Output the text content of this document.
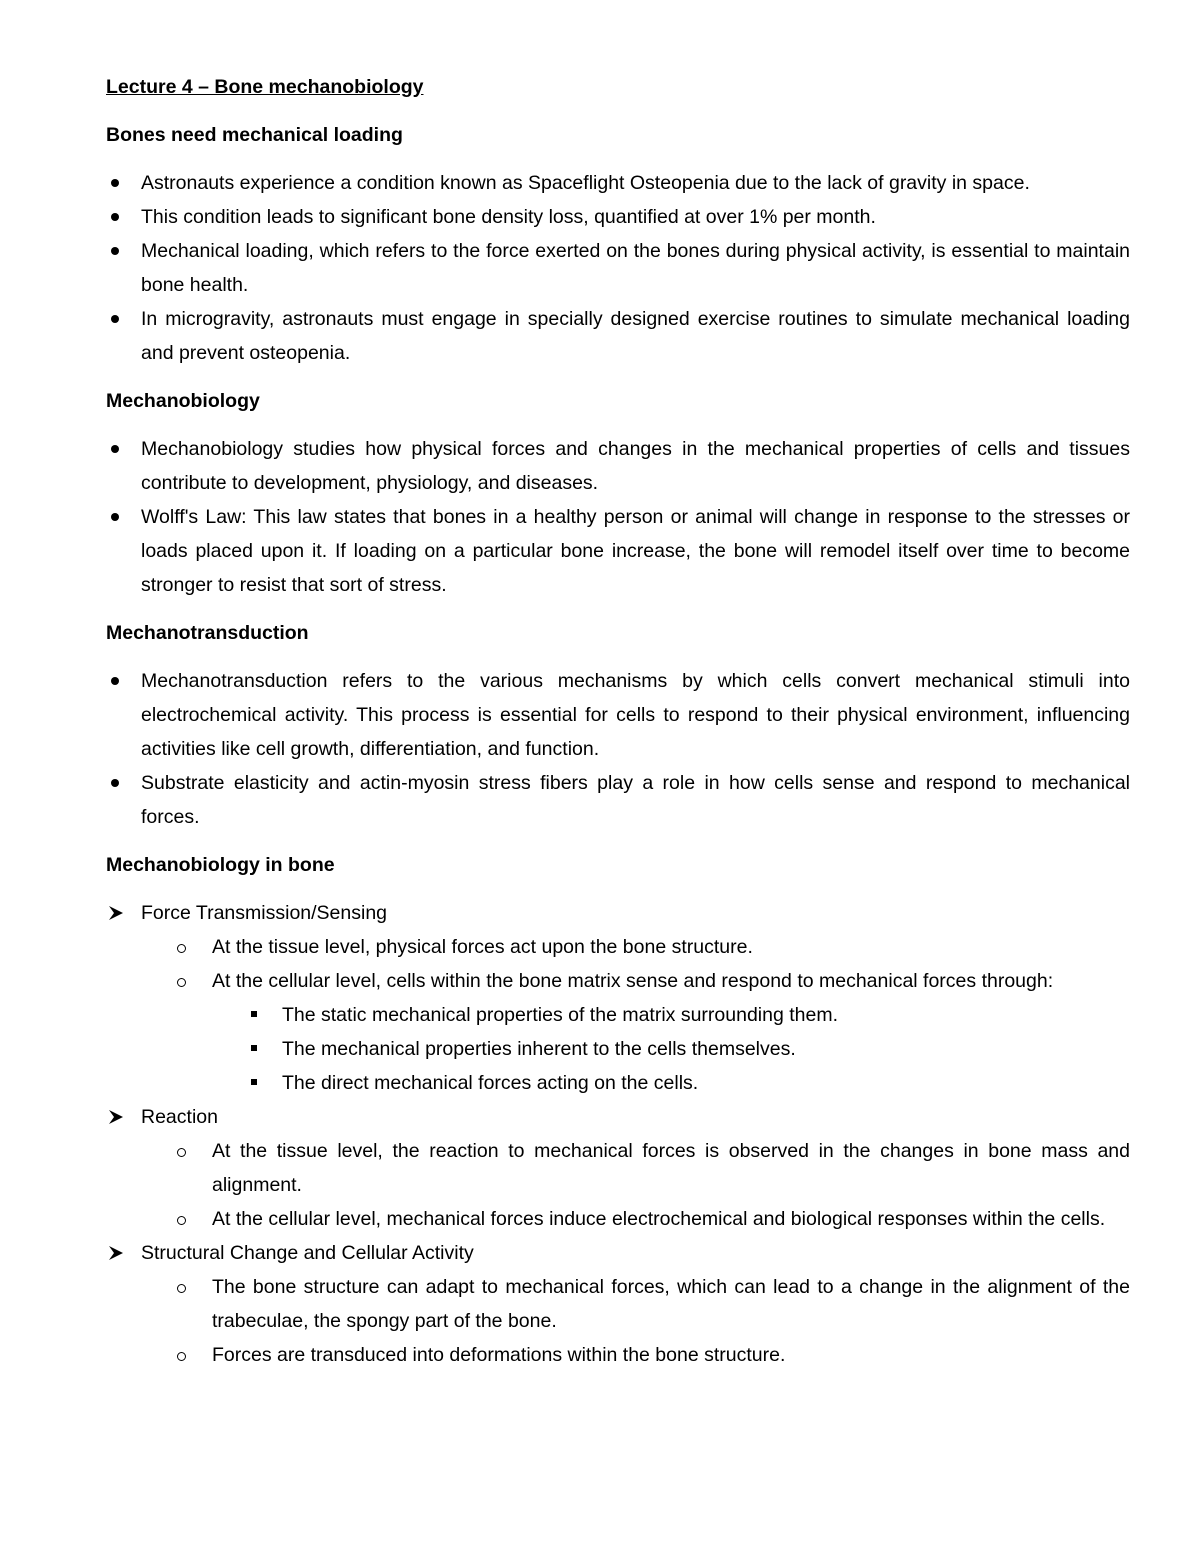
Lecture 4 – Bone mechanobiology
Bones need mechanical loading
Astronauts experience a condition known as Spaceflight Osteopenia due to the lack of gravity in space.
This condition leads to significant bone density loss, quantified at over 1% per month.
Mechanical loading, which refers to the force exerted on the bones during physical activity, is essential to maintain bone health.
In microgravity, astronauts must engage in specially designed exercise routines to simulate mechanical loading and prevent osteopenia.
Mechanobiology
Mechanobiology studies how physical forces and changes in the mechanical properties of cells and tissues contribute to development, physiology, and diseases.
Wolff's Law: This law states that bones in a healthy person or animal will change in response to the stresses or loads placed upon it. If loading on a particular bone increase, the bone will remodel itself over time to become stronger to resist that sort of stress.
Mechanotransduction
Mechanotransduction refers to the various mechanisms by which cells convert mechanical stimuli into electrochemical activity. This process is essential for cells to respond to their physical environment, influencing activities like cell growth, differentiation, and function.
Substrate elasticity and actin-myosin stress fibers play a role in how cells sense and respond to mechanical forces.
Mechanobiology in bone
Force Transmission/Sensing
At the tissue level, physical forces act upon the bone structure.
At the cellular level, cells within the bone matrix sense and respond to mechanical forces through:
The static mechanical properties of the matrix surrounding them.
The mechanical properties inherent to the cells themselves.
The direct mechanical forces acting on the cells.
Reaction
At the tissue level, the reaction to mechanical forces is observed in the changes in bone mass and alignment.
At the cellular level, mechanical forces induce electrochemical and biological responses within the cells.
Structural Change and Cellular Activity
The bone structure can adapt to mechanical forces, which can lead to a change in the alignment of the trabeculae, the spongy part of the bone.
Forces are transduced into deformations within the bone structure.
